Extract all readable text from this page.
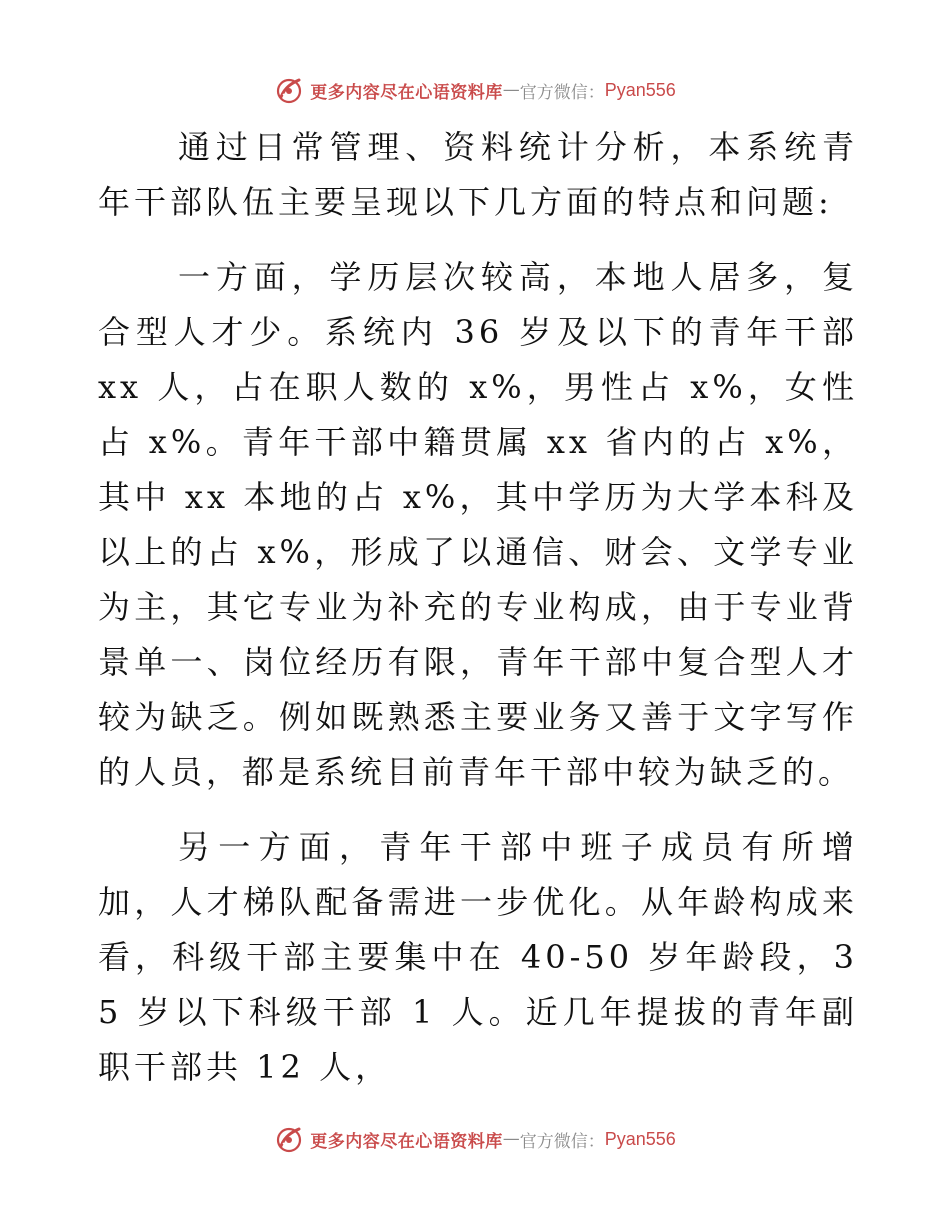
更多内容尽在心语资料库 — 官方微信： Pyan556

通过日常管理、资料统计分析，本系统青年干部队伍主要呈现以下几方面的特点和问题:

一方面，学历层次较高，本地人居多，复合型人才少。系统内 36 岁及以下的青年干部 xx 人，占在职人数的 x%，男性占 x%，女性占 x%。青年干部中籍贯属 xx 省内的占 x%，其中 xx 本地的占 x%，其中学历为大学本科及以上的占 x%，形成了以通信、财会、文学专业为主，其它专业为补充的专业构成，由于专业背景单一、岗位经历有限，青年干部中复合型人才较为缺乏。例如既熟悉主要业务又善于文字写作的人员，都是系统目前青年干部中较为缺乏的。

另一方面，青年干部中班子成员有所增加，人才梯队配备需进一步优化。从年龄构成来看，科级干部主要集中在 40-50 岁年龄段，35 岁以下科级干部 1 人。近几年提拔的青年副职干部共 12 人，

更多内容尽在心语资料库 — 官方微信： Pyan556
